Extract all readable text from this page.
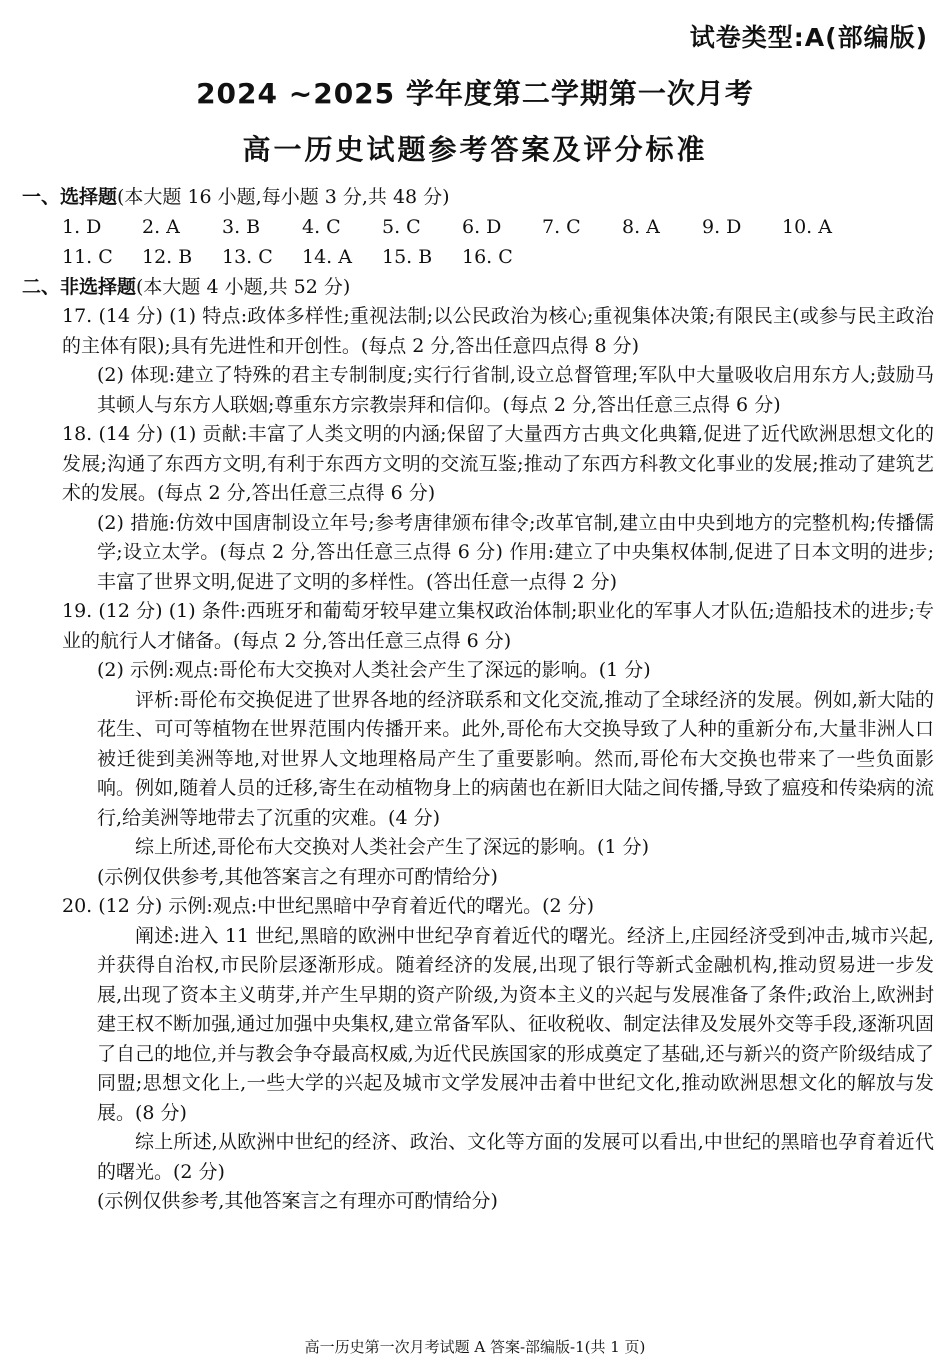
试卷类型:A(部编版)
2024 ~2025 学年度第二学期第一次月考
高一历史试题参考答案及评分标准
一、选择题(本大题 16 小题,每小题 3 分,共 48 分)
1. D 2. A 3. B 4. C 5. C 6. D 7. C 8. A 9. D 10. A
11. C 12. B 13. C 14. A 15. B 16. C
二、非选择题(本大题 4 小题,共 52 分)
17. (14 分) (1) 特点:政体多样性;重视法制;以公民政治为核心;重视集体决策;有限民主(或参与民主政治的主体有限);具有先进性和开创性。(每点 2 分,答出任意四点得 8 分)
(2) 体现:建立了特殊的君主专制制度;实行行省制,设立总督管理;军队中大量吸收启用东方人;鼓励马其顿人与东方人联姻;尊重东方宗教崇拜和信仰。(每点 2 分,答出任意三点得 6 分)
18. (14 分) (1) 贡献:丰富了人类文明的内涵;保留了大量西方古典文化典籍,促进了近代欧洲思想文化的发展;沟通了东西方文明,有利于东西方文明的交流互鉴;推动了东西方科教文化事业的发展;推动了建筑艺术的发展。(每点 2 分,答出任意三点得 6 分)
(2) 措施:仿效中国唐制设立年号;参考唐律颁布律令;改革官制,建立由中央到地方的完整机构;传播儒学;设立太学。(每点 2 分,答出任意三点得 6 分) 作用:建立了中央集权体制,促进了日本文明的进步;丰富了世界文明,促进了文明的多样性。(答出任意一点得 2 分)
19. (12 分) (1) 条件:西班牙和葡萄牙较早建立集权政治体制;职业化的军事人才队伍;造船技术的进步;专业的航行人才储备。(每点 2 分,答出任意三点得 6 分)
(2) 示例:观点:哥伦布大交换对人类社会产生了深远的影响。(1 分)
评析:哥伦布交换促进了世界各地的经济联系和文化交流,推动了全球经济的发展。例如,新大陆的花生、可可等植物在世界范围内传播开来。此外,哥伦布大交换导致了人种的重新分布,大量非洲人口被迁徙到美洲等地,对世界人文地理格局产生了重要影响。然而,哥伦布大交换也带来了一些负面影响。例如,随着人员的迁移,寄生在动植物身上的病菌也在新旧大陆之间传播,导致了瘟疫和传染病的流行,给美洲等地带去了沉重的灾难。(4 分)
综上所述,哥伦布大交换对人类社会产生了深远的影响。(1 分)
(示例仅供参考,其他答案言之有理亦可酌情给分)
20. (12 分) 示例:观点:中世纪黑暗中孕育着近代的曙光。(2 分)
阐述:进入 11 世纪,黑暗的欧洲中世纪孕育着近代的曙光。经济上,庄园经济受到冲击,城市兴起,并获得自治权,市民阶层逐渐形成。随着经济的发展,出现了银行等新式金融机构,推动贸易进一步发展,出现了资本主义萌芽,并产生早期的资产阶级,为资本主义的兴起与发展准备了条件;政治上,欧洲封建王权不断加强,通过加强中央集权,建立常备军队、征收税收、制定法律及发展外交等手段,逐渐巩固了自己的地位,并与教会争夺最高权威,为近代民族国家的形成奠定了基础,还与新兴的资产阶级结成了同盟;思想文化上,一些大学的兴起及城市文学发展冲击着中世纪文化,推动欧洲思想文化的解放与发展。(8 分)
综上所述,从欧洲中世纪的经济、政治、文化等方面的发展可以看出,中世纪的黑暗也孕育着近代的曙光。(2 分)
(示例仅供参考,其他答案言之有理亦可酌情给分)
高一历史第一次月考试题 A 答案-部编版-1(共 1 页)
